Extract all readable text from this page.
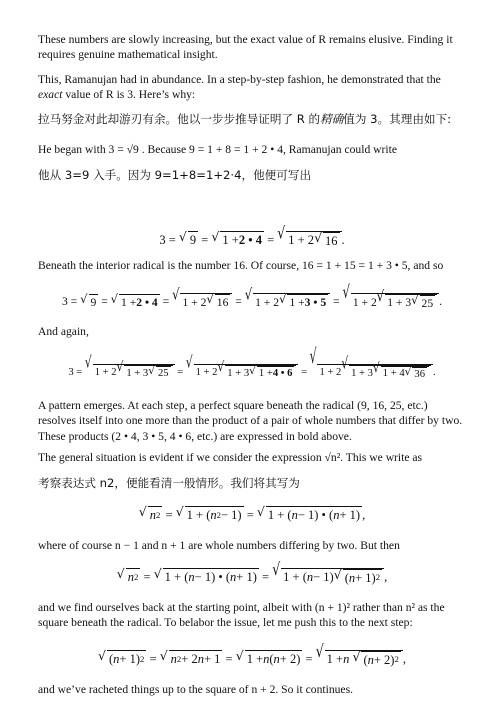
These numbers are slowly increasing, but the exact value of R remains elusive. Finding it requires genuine mathematical insight.

This, Ramanujan had in abundance. In a step-by-step fashion, he demonstrated that the exact value of R is 3. Here’s why:

拉马努金对此却游刃有余。他以一步步推导证明了 R 的精确值为 3。其理由如下:

He began with 3 = √9 . Because 9 = 1 + 8 = 1 + 2 • 4, Ramanujan could write

他从 3=9 入手。因为 9=1+8=1+2·4，他便可写出

3 = √ 9 = √ 1 + 2 • 4 = √ 1 + 2 √ 16 .

Beneath the interior radical is the number 16. Of course, 16 = 1 + 15 = 1 + 3 • 5, and so

3 = √ 9 = √ 1 + 2 • 4 = √ 1 + 2 √ 16 = √ 1 + 2 √ 1 + 3 • 5 =
√
1 + 2 √ 1 + 3 √ 25 .

And again,

3 =
√
1 + 2 √ 1 + 3 √ 25 =
√
1 + 2 √ 1 + 3 √ 1 + 4 • 6 =
√
1 + 2
√
1 + 3 √ 1 + 4 √ 36 .

A pattern emerges. At each step, a perfect square beneath the radical (9, 16, 25, etc.) resolves itself into one more than the product of a pair of whole numbers that differ by two. These products (2 • 4, 3 • 5, 4 • 6, etc.) are expressed in bold above.

The general situation is evident if we consider the expression √n². This we write as

考察表达式 n2，便能看清一般情形。我们将其写为

√ n 2 = √ 1 + ( n 2 − 1) = √ 1 + ( n − 1) • ( n + 1) ,

where of course n − 1 and n + 1 are whole numbers differing by two. But then

√ n 2 = √ 1 + ( n − 1) • ( n + 1) = √ 1 + ( n − 1) √ ( n + 1) 2 ,

and we find ourselves back at the starting point, albeit with (n + 1)² rather than n² as the square beneath the radical. To belabor the issue, let me push this to the next step:

√ ( n + 1) 2 = √ n 2 + 2 n + 1 = √ 1 + n ( n + 2) = √ 1 + n
√ ( n + 2) 2 ,

and we’ve racheted things up to the square of n + 2. So it continues.
